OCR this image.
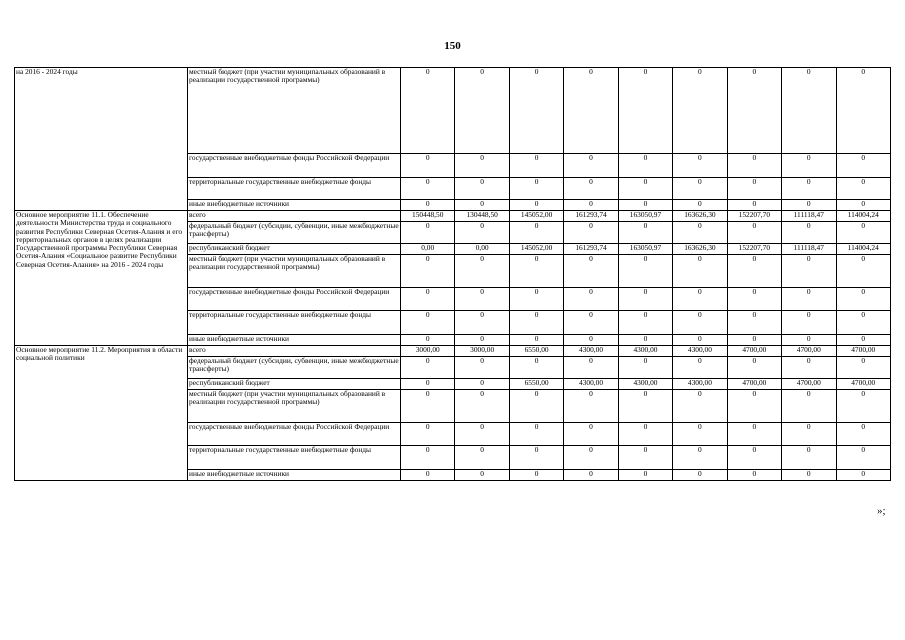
150
на 2016 - 2024 годы	местный бюджет (при участии муниципальных образований в реализации государственной программы)	0	0	0	0	0	0	0	0	0
	государственные внебюджетные фонды Российской Федерации	0	0	0	0	0	0	0	0	0
	территориальные государственные внебюджетные фонды	0	0	0	0	0	0	0	0	0
	иные внебюджетные источники	0	0	0	0	0	0	0	0	0
Основное мероприятие 11.1. Обеспечение деятельности Министерства труда и социального развития Республики Северная Осетия-Алания и его территориальных органов в целях реализации Государственной программы Республики Северная Осетия-Алания «Социальное развитие Республики Северная Осетия-Алания» на 2016 - 2024 годы	всего	150448,50	130448,50	145052,00	161293,74	163050,97	163626,30	152207,70	111118,47	114004,24
	федеральный бюджет (субсидии, субвенции, иные межбюджетные трансферты)	0	0	0	0	0	0	0	0	0
	республиканский бюджет	0,00	0,00	145052,00	161293,74	163050,97	163626,30	152207,70	111118,47	114004,24
	местный бюджет (при участии муниципальных образований в реализации государственной программы)	0	0	0	0	0	0	0	0	0
	государственные внебюджетные фонды Российской Федерации	0	0	0	0	0	0	0	0	0
	территориальные государственные внебюджетные фонды	0	0	0	0	0	0	0	0	0
	иные внебюджетные источники	0	0	0	0	0	0	0	0	0
Основное мероприятие 11.2. Мероприятия в области социальной политики	всего	3000,00	3000,00	6550,00	4300,00	4300,00	4300,00	4700,00	4700,00	4700,00
	федеральный бюджет (субсидии, субвенции, иные межбюджетные трансферты)	0	0	0	0	0	0	0	0	0
	республиканский бюджет	0	0	6550,00	4300,00	4300,00	4300,00	4700,00	4700,00	4700,00
	местный бюджет (при участии муниципальных образований в реализации государственной программы)	0	0	0	0	0	0	0	0	0
	государственные внебюджетные фонды Российской Федерации	0	0	0	0	0	0	0	0	0
	территориальные государственные внебюджетные фонды	0	0	0	0	0	0	0	0	0
	иные внебюджетные источники	0	0	0	0	0	0	0	0	0
»;
